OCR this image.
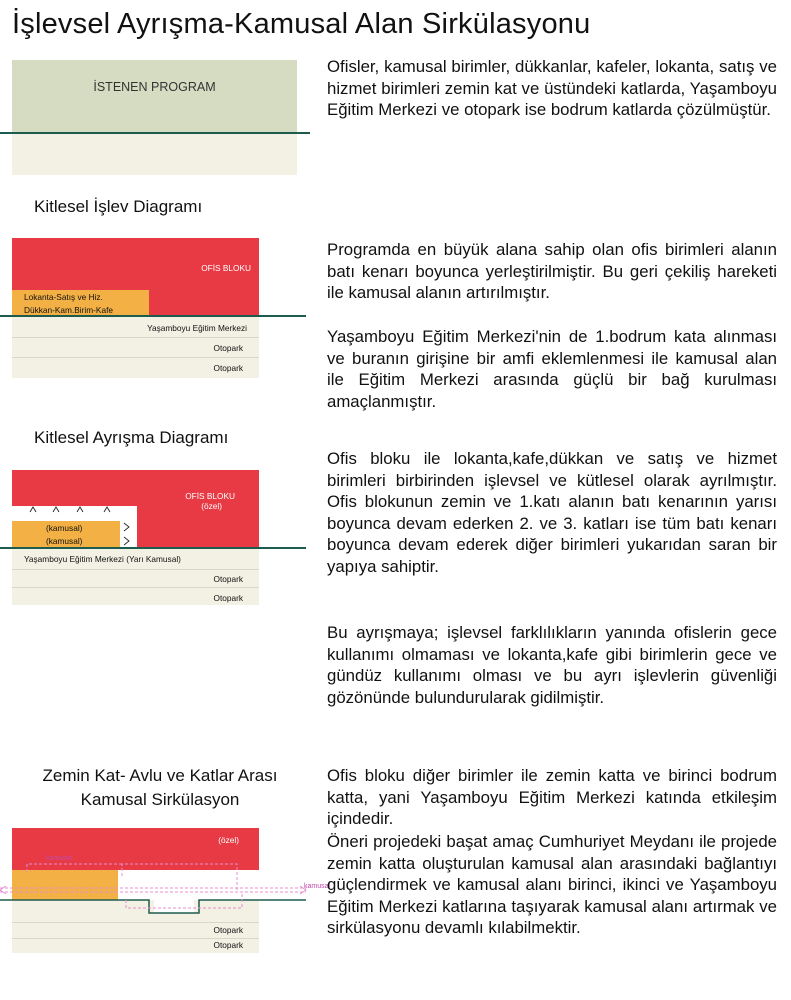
İşlevsel Ayrışma-Kamusal Alan Sirkülasyonu
İSTENEN PROGRAM
Ofisler, kamusal birimler, dükkanlar, kafeler, lokanta, satış ve hizmet birimleri zemin kat ve üstündeki katlarda, Yaşamboyu Eğitim Merkezi ve otopark ise bodrum katlarda çözülmüştür.
Kitlesel İşlev Diagramı
OFİS BLOKU
Lokanta-Satış ve Hiz.
Dükkan-Kam.Birim-Kafe
Yaşamboyu Eğitim Merkezi
Otopark
Otopark
Programda en büyük alana sahip olan ofis birimleri alanın batı kenarı boyunca yerleştirilmiştir. Bu geri çekiliş hareketi ile kamusal alanın artırılmıştır.
Yaşamboyu Eğitim Merkezi'nin de 1.bodrum kata alınması ve buranın girişine bir amfi eklemlenmesi ile kamusal alan ile Eğitim Merkezi arasında güçlü bir bağ kurulması amaçlanmıştır.
Kitlesel Ayrışma Diagramı
OFİS BLOKU
(özel)
(kamusal)
(kamusal)
Yaşamboyu Eğitim Merkezi (Yarı Kamusal)
Otopark
Otopark
Ofis bloku ile lokanta,kafe,dükkan ve satış ve hizmet birimleri birbirinden işlevsel ve kütlesel olarak ayrılmıştır. Ofis blokunun zemin ve 1.katı alanın batı kenarının yarısı boyunca devam ederken 2. ve 3. katları ise tüm batı kenarı boyunca devam ederek diğer birimleri yukarıdan saran bir yapıya sahiptir.
Bu ayrışmaya; işlevsel farklılıkların yanında ofislerin gece kullanımı olmaması ve lokanta,kafe gibi birimlerin gece ve gündüz kullanımı olması ve bu ayrı işlevlerin güvenliği gözönünde bulundurularak gidilmiştir.
Zemin Kat- Avlu ve Katlar Arası
Kamusal Sirkülasyon
(özel)
kamusal
kamusal
Otopark
Otopark
Ofis bloku diğer birimler ile zemin katta ve birinci bodrum katta, yani Yaşamboyu Eğitim Merkezi katında etkileşim içindedir.
Öneri projedeki başat amaç Cumhuriyet Meydanı ile projede zemin katta oluşturulan kamusal alan arasındaki bağlantıyı güçlendirmek ve kamusal alanı birinci, ikinci ve Yaşamboyu Eğitim Merkezi katlarına taşıyarak kamusal alanı artırmak ve sirkülasyonu devamlı kılabilmektir.
